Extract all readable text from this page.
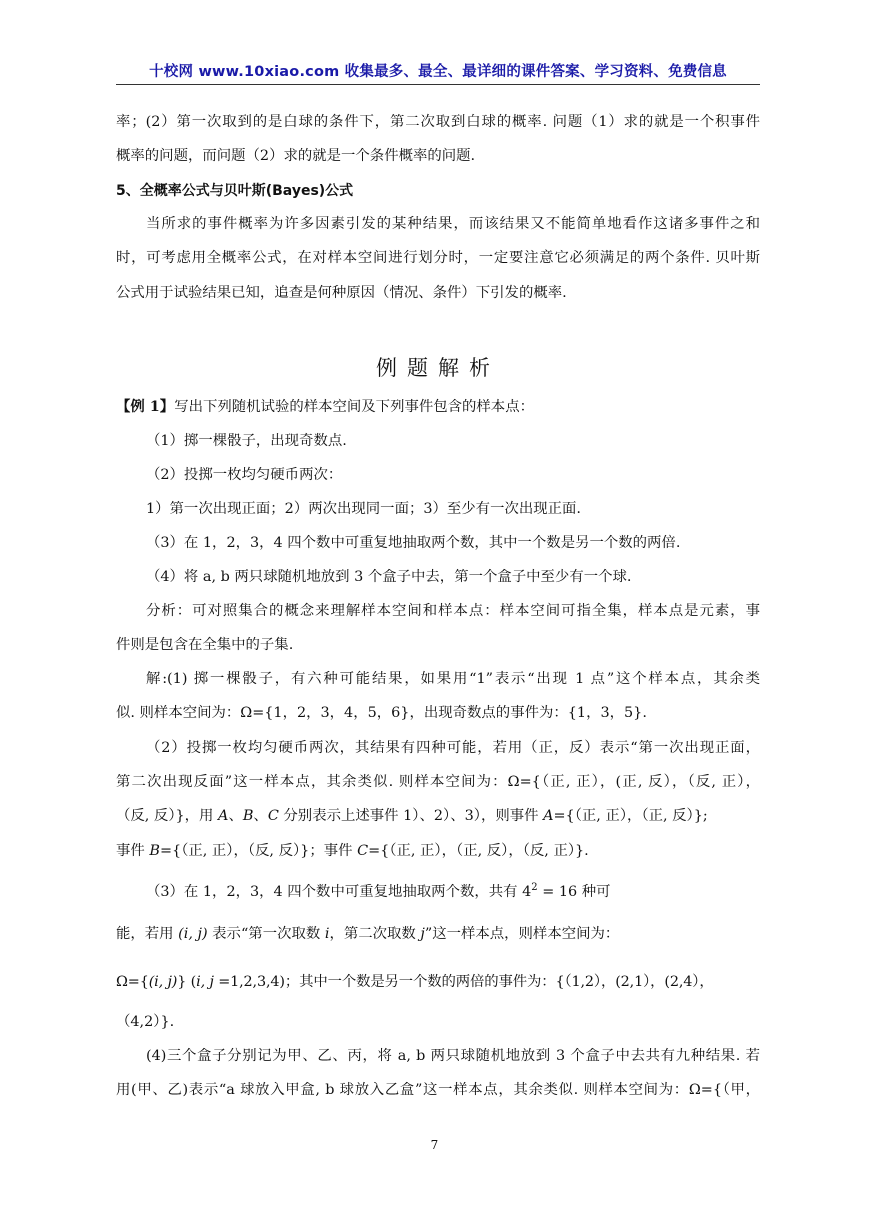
十校网 www.10xiao.com 收集最多、最全、最详细的课件答案、学习资料、免费信息
率；(2）第一次取到的是白球的条件下，第二次取到白球的概率. 问题（1）求的就是一个积事件
概率的问题，而问题（2）求的就是一个条件概率的问题.
5、全概率公式与贝叶斯(Bayes)公式
当所求的事件概率为许多因素引发的某种结果，而该结果又不能简单地看作这诸多事件之和
时，可考虑用全概率公式，在对样本空间进行划分时，一定要注意它必须满足的两个条件. 贝叶斯
公式用于试验结果已知，追查是何种原因（情况、条件）下引发的概率.
例题解析
【例 1】写出下列随机试验的样本空间及下列事件包含的样本点：
（1）掷一棵骰子，出现奇数点.
（2）投掷一枚均匀硬币两次：
1）第一次出现正面；2）两次出现同一面；3）至少有一次出现正面.
（3）在 1，2，3，4 四个数中可重复地抽取两个数，其中一个数是另一个数的两倍.
（4）将 a, b 两只球随机地放到 3 个盒子中去，第一个盒子中至少有一个球.
分析：可对照集合的概念来理解样本空间和样本点：样本空间可指全集，样本点是元素，事
件则是包含在全集中的子集.
解:(1) 掷一棵骰子，有六种可能结果，如果用“1”表示“出现 1 点”这个样本点，其余类
似. 则样本空间为：Ω={1，2，3，4，5，6}，出现奇数点的事件为：{1，3，5}.
（2）投掷一枚均匀硬币两次，其结果有四种可能，若用（正，反）表示“第一次出现正面，
第二次出现反面”这一样本点，其余类似. 则样本空间为：Ω={（正, 正），(正, 反），（反, 正），
（反, 反）}，用 A、B、C 分别表示上述事件 1）、2）、3），则事件 A={（正, 正），（正, 反）};
事件 B={（正, 正），（反, 反）}；事件 C={（正, 正），（正, 反），（反, 正）}.
（3）在 1，2，3，4 四个数中可重复地抽取两个数，共有 $4^2 = 16$ 种可
能，若用 (i, j) 表示“第一次取数 i，第二次取数 j”这一样本点，则样本空间为：
Ω={(i, j)} (i, j =1,2,3,4)；其中一个数是另一个数的两倍的事件为：{（1,2），(2,1），(2,4），
（4,2）}.
(4)三个盒子分别记为甲、乙、丙，将 a, b 两只球随机地放到 3 个盒子中去共有九种结果. 若
用(甲、乙)表示“a 球放入甲盒, b 球放入乙盒”这一样本点，其余类似. 则样本空间为：Ω={（甲，
7
